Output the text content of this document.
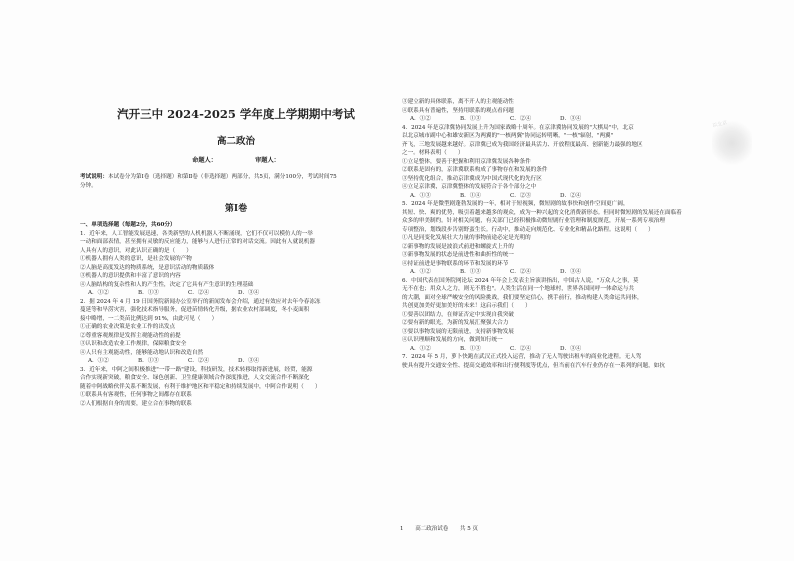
汽开三中 2024-2025 学年度上学期期中考试
高二政治
命题人：	审题人：

考试说明：本试卷分为第Ⅰ卷（选择题）和第Ⅱ卷（非选择题）两部分，共5页，满分100分，考试时间75

分钟。

第Ⅰ卷

一、单项选择题（每题2分，共60分）

1．近年来，人工智能发展迅速，各类新型的人机机器人不断涌现，它们不仅可以模仿人的一举

一动和面部表情，甚至拥有灵敏的反应能力，能够与人进行正常的对话交流。因此有人就说机器

人具有人的意识，对此认识正确的是（　　）

①机器人拥有人类的意识，是社会发展的产物

②人脑是高度发达的物质系统，是意识活动的物质载体

③机器人的意识提供和丰富了意识的内容

④人脑结构的复杂性和人的产生性，决定了它具有产生意识的生理基础

A．①②	B．①③	C．②④	D．③④

2．据 2024 年 4 月 19 日国务院新闻办公室举行的新闻发布会介绍，通过有效应对去年今春冻冻

蔓延等和旱涝灾害，强化技术指导服务，促进苗情转化升级，据农业农村部调度，冬小麦面积

接中略增，一二类苗比例达到 91%，由此可见（　　）

①正确的农业决策是农业工作的出发点

②尊重客观规律是发挥主观能动性的前提

③认识和改造农业工作规律，保障粮食安全

④人只有主观能动性，能够能动地认识和改造自然

A．①②	B．①③	C．②④	D．③④

3．近年来，中阿之间积极推进"一带一路"建设，科技研发，技术转移取得新进展，经贸，能源

合作实现新突破，粮食安全、绿色创新、卫生健康领域合作深度推进，人文交流合作不断深化

随着中阿战略伙伴关系不断发展，有利于维护地区和平稳定和持续发展中，中阿合作说明（　　）

①联系具有客观性，任何事物之间都存在联系

②人们根据自身的需要，建立合在事物的联系

③建立新的具体联系，离不开人的主观能动性

④联系具有普遍性，坚持用联系的观点看问题

A．①②	B．①③	C．②④	D．③④

4．2024 年是京津冀协同发展上升为国家战略十周年。在京津冀协同发展的"大棋局"中，北京

以北京城市副中心和雄安新区为两翼的"一核两翼"协同运转明晰，"一核"辐射，"两翼"

齐飞，三地发展越来越好。京津冀已成为我国经济最具活力、开放程度最高、创新能力最强的地区

之一。材料表明（　　）

①立足整体，要善于把握和利用京津冀发展各种条件

②联系是固有的，京津冀联系构成了事物存在和发展的条件

③坚持优化组合，推动京津冀成为中国式现代化的先行区

④立足京津冀，京津冀整体的发展符合于各个部分之中

A．①③	B．①④	C．②③	D．②④

5．2024 年是微型剧蓬勃发展的一年，相对于短视频，微短剧的故事快和创作空间更广阔，

其短、快、爽的优势，吸引着越来越多的观众，成为一种兴起的文化消费新形态。但同时微短剧的发展还在面临着

众多的审美制约。针对相关问题，有关部门已经积极推动微短剧行业管理和制度规范，开展一系列专项治理

专项整治，划线段步告别野蛮生长。行动中，推动走向规范化、专业化和精品化路程。这说明（　　）

①凡是同变化发展壮大力量的事物前途必定是光明的

②新事物的发展是波浪式前进和螺旋式上升的

③新事物发展的状态是前进性和曲折性的统一

④持证前进是事物联系的环节和发展的环节

A．①②	B．①③	C．②④	D．③④

6．中国代表在国务院网论坛 2024 年年会上发表主旨演讲指出，中国古人说，"万众人之事，莫

无不在也；用众人之力，则无不胜也"。人类生活在同一个地球村，世界各国同呼一体命运与共

的大潮，面对全球严峻安全的风险挑战，我们要坚定信心，携手前行，推动构建人类命运共同体，

共创更加美好更加美好的未来！这启示我们（　　）

①要善以团结力，在辩证否定中实现自我突破

②要有新的眼光，为新的发展汇聚强大合力

③要以事物发展的无限前进，支持新事物发展

④认识理顺和发展的方向，做到知行统一

A．①②	B．①③	C．②④	D．③④

7．2024 年 5 月，萝卜快跑在武汉正式投入运营，推动了无人驾驶出租车的商业化进程。无人驾

驶具有提升交通安全性、提高交通效率和出行便利度等优点，但当前在汽车行业仍存在一系列的问题，如抗

以北京
1 高二政治试卷 共 5 页
